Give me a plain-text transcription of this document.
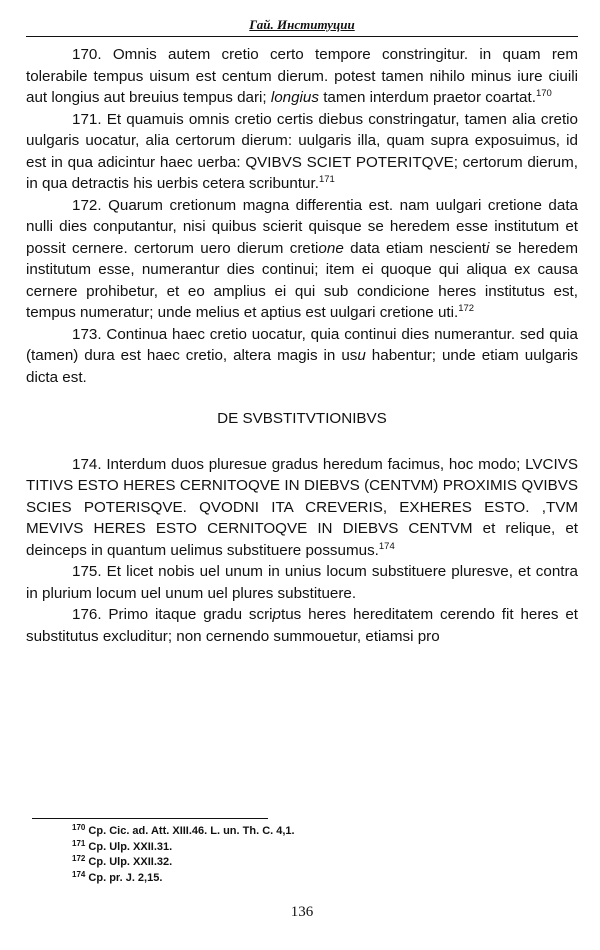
Гай. Институции

170. Omnis autem cretio certo tempore constringitur. in quam rem tolerabile tempus uisum est centum dierum. potest tamen nihilo minus iure ciuili aut longius aut breuius tempus dari; longius tamen interdum praetor coartat.$^{170}$

171. Et quamuis omnis cretio certis diebus constringatur, tamen alia cretio uulgaris uocatur, alia certorum dierum: uulgaris illa, quam supra exposuimus, id est in qua adicintur haec uerba: QVIBVS SCIET POTERITQVE; certorum dierum, in qua detractis his uerbis cetera scribuntur.$^{171}$

172. Quarum cretionum magna differentia est. nam uulgari cretione data nulli dies conputantur, nisi quibus scierit quisque se heredem esse institutum et possit cernere. certorum uero dierum cretione data etiam nescienti se heredem institutum esse, numerantur dies continui; item ei quoque qui aliqua ex causa cernere prohibetur, et eo amplius ei qui sub condicione heres institutus est, tempus numeratur; unde melius et aptius est uulgari cretione uti.$^{172}$

173. Continua haec cretio uocatur, quia continui dies numerantur. sed quia (tamen) dura est haec cretio, altera magis in usu habentur; unde etiam uulgaris dicta est.

DE SVBSTITVTIONIBVS

174. Interdum duos pluresue gradus heredum facimus, hoc modo; LVCIVS TITIVS ESTO HERES CERNITOQVE IN DIEBVS (CENTVM) PROXIMIS QVIBVS SCIES POTERISQVE. QVODNI ITA CREVERIS, EXHERES ESTO. ,TVM MEVIVS HERES ESTO CERNITOQVE IN DIEBVS CENTVM et relique, et deinceps in quantum uelimus substituere possumus.$^{174}$

175. Et licet nobis uel unum in unius locum substituere pluresve, et contra in plurium locum uel unum uel plures substituere.

176. Primo itaque gradu scriptus heres hereditatem cerendo fit heres et substitutus excluditur; non cernendo summouetur, etiamsi pro

$^{170}$ Cp. Cic. ad. Att. XIII.46. L. un. Th. C. 4,1.

$^{171}$ Cp. Ulp. XXII.31.

$^{172}$ Cp. Ulp. XXII.32.

$^{174}$ Cp. pr. J. 2,15.

136
